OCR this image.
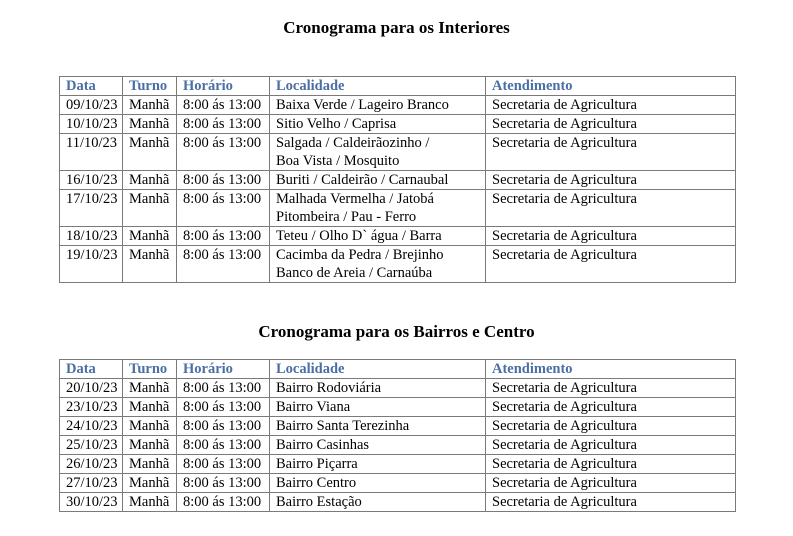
Cronograma para os Interiores
Data	Turno	Horário	Localidade	Atendimento
09/10/23	Manhã	8:00 ás 13:00	Baixa Verde / Lageiro Branco	Secretaria de Agricultura
10/10/23	Manhã	8:00 ás 13:00	Sitio Velho / Caprisa	Secretaria de Agricultura
11/10/23	Manhã	8:00 ás 13:00	Salgada / Caldeirãozinho /
Boa Vista / Mosquito	Secretaria de Agricultura
16/10/23	Manhã	8:00 ás 13:00	Buriti / Caldeirão / Carnaubal	Secretaria de Agricultura
17/10/23	Manhã	8:00 ás 13:00	Malhada Vermelha / Jatobá
Pitombeira / Pau - Ferro	Secretaria de Agricultura
18/10/23	Manhã	8:00 ás 13:00	Teteu / Olho D` água / Barra	Secretaria de Agricultura
19/10/23	Manhã	8:00 ás 13:00	Cacimba da Pedra / Brejinho
Banco de Areia / Carnaúba	Secretaria de Agricultura
Cronograma para os Bairros e Centro
Data	Turno	Horário	Localidade	Atendimento
20/10/23	Manhã	8:00 ás 13:00	Bairro Rodoviária	Secretaria de Agricultura
23/10/23	Manhã	8:00 ás 13:00	Bairro Viana	Secretaria de Agricultura
24/10/23	Manhã	8:00 ás 13:00	Bairro Santa Terezinha	Secretaria de Agricultura
25/10/23	Manhã	8:00 ás 13:00	Bairro Casinhas	Secretaria de Agricultura
26/10/23	Manhã	8:00 ás 13:00	Bairro Piçarra	Secretaria de Agricultura
27/10/23	Manhã	8:00 ás 13:00	Bairro Centro	Secretaria de Agricultura
30/10/23	Manhã	8:00 ás 13:00	Bairro Estação	Secretaria de Agricultura
